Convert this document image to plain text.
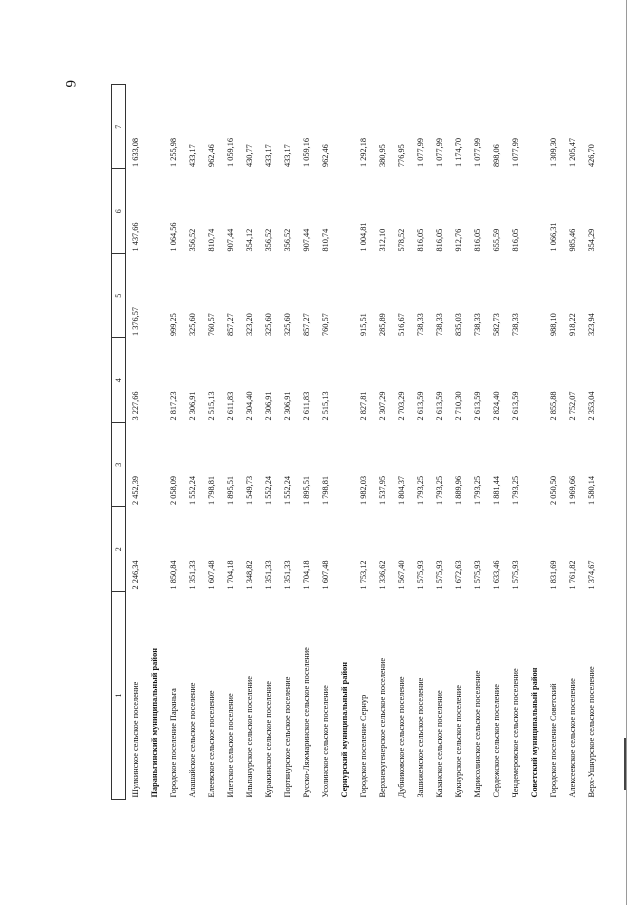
6
1	2	3	4	5	6	7
Шулкинское сельское поселение	2 246,34	2 452,39	3 227,66	1 376,57	1 437,66	1 633,08
Параньгинский муниципальный район						
Городское поселение Параньга	1 850,84	2 058,09	2 817,23	999,25	1 064,56	1 255,98
Алашайское сельское поселение	1 351,33	1 552,24	2 306,91	325,60	356,52	433,17
Елеевское сельское поселение	1 607,48	1 798,81	2 515,13	760,57	810,74	962,46
Илетское сельское поселение	1 704,18	1 895,51	2 611,83	857,27	907,44	1 059,16
Ильпанурское сельское поселение	1 348,82	1 549,73	2 304,40	323,20	354,12	430,77
Куракинское сельское поселение	1 351,33	1 552,24	2 306,91	325,60	356,52	433,17
Портянурское сельское поселение	1 351,33	1 552,24	2 306,91	325,60	356,52	433,17
Русско-Ляжмаринское сельское поселение	1 704,18	1 895,51	2 611,83	857,27	907,44	1 059,16
Усолинское сельское поселение	1 607,48	1 798,81	2 515,13	760,57	810,74	962,46
Сернурский муниципальный район						
Городское поселение Сернур	1 753,12	1 982,03	2 827,81	915,51	1 004,81	1 292,18
Верхнекугенерское сельское поселение	1 336,62	1 537,95	2 307,29	285,89	312,10	380,95
Дубниковское сельское поселение	1 567,40	1 804,37	2 703,29	516,67	578,52	776,95
Зашижемское сельское поселение	1 575,93	1 793,25	2 613,59	738,33	816,05	1 077,99
Казанское сельское поселение	1 575,93	1 793,25	2 613,59	738,33	816,05	1 077,99
Кукнурское сельское поселение	1 672,63	1 889,96	2 710,30	835,03	912,76	1 174,70
Марисолинское сельское поселение	1 575,93	1 793,25	2 613,59	738,33	816,05	1 077,99
Сердежское сельское поселение	1 633,46	1 881,44	2 824,40	582,73	655,59	898,06
Чендемеровское сельское поселение	1 575,93	1 793,25	2 613,59	738,33	816,05	1 077,99
Советский муниципальный район						
Городское поселение Советский	1 831,69	2 050,50	2 855,88	988,10	1 066,31	1 309,30
Алексеевское сельское поселение	1 761,82	1 969,66	2 752,07	918,22	985,46	1 205,47
Верх-Ушнурское сельское поселение	1 374,67	1 580,14	2 353,04	323,94	354,29	426,70
